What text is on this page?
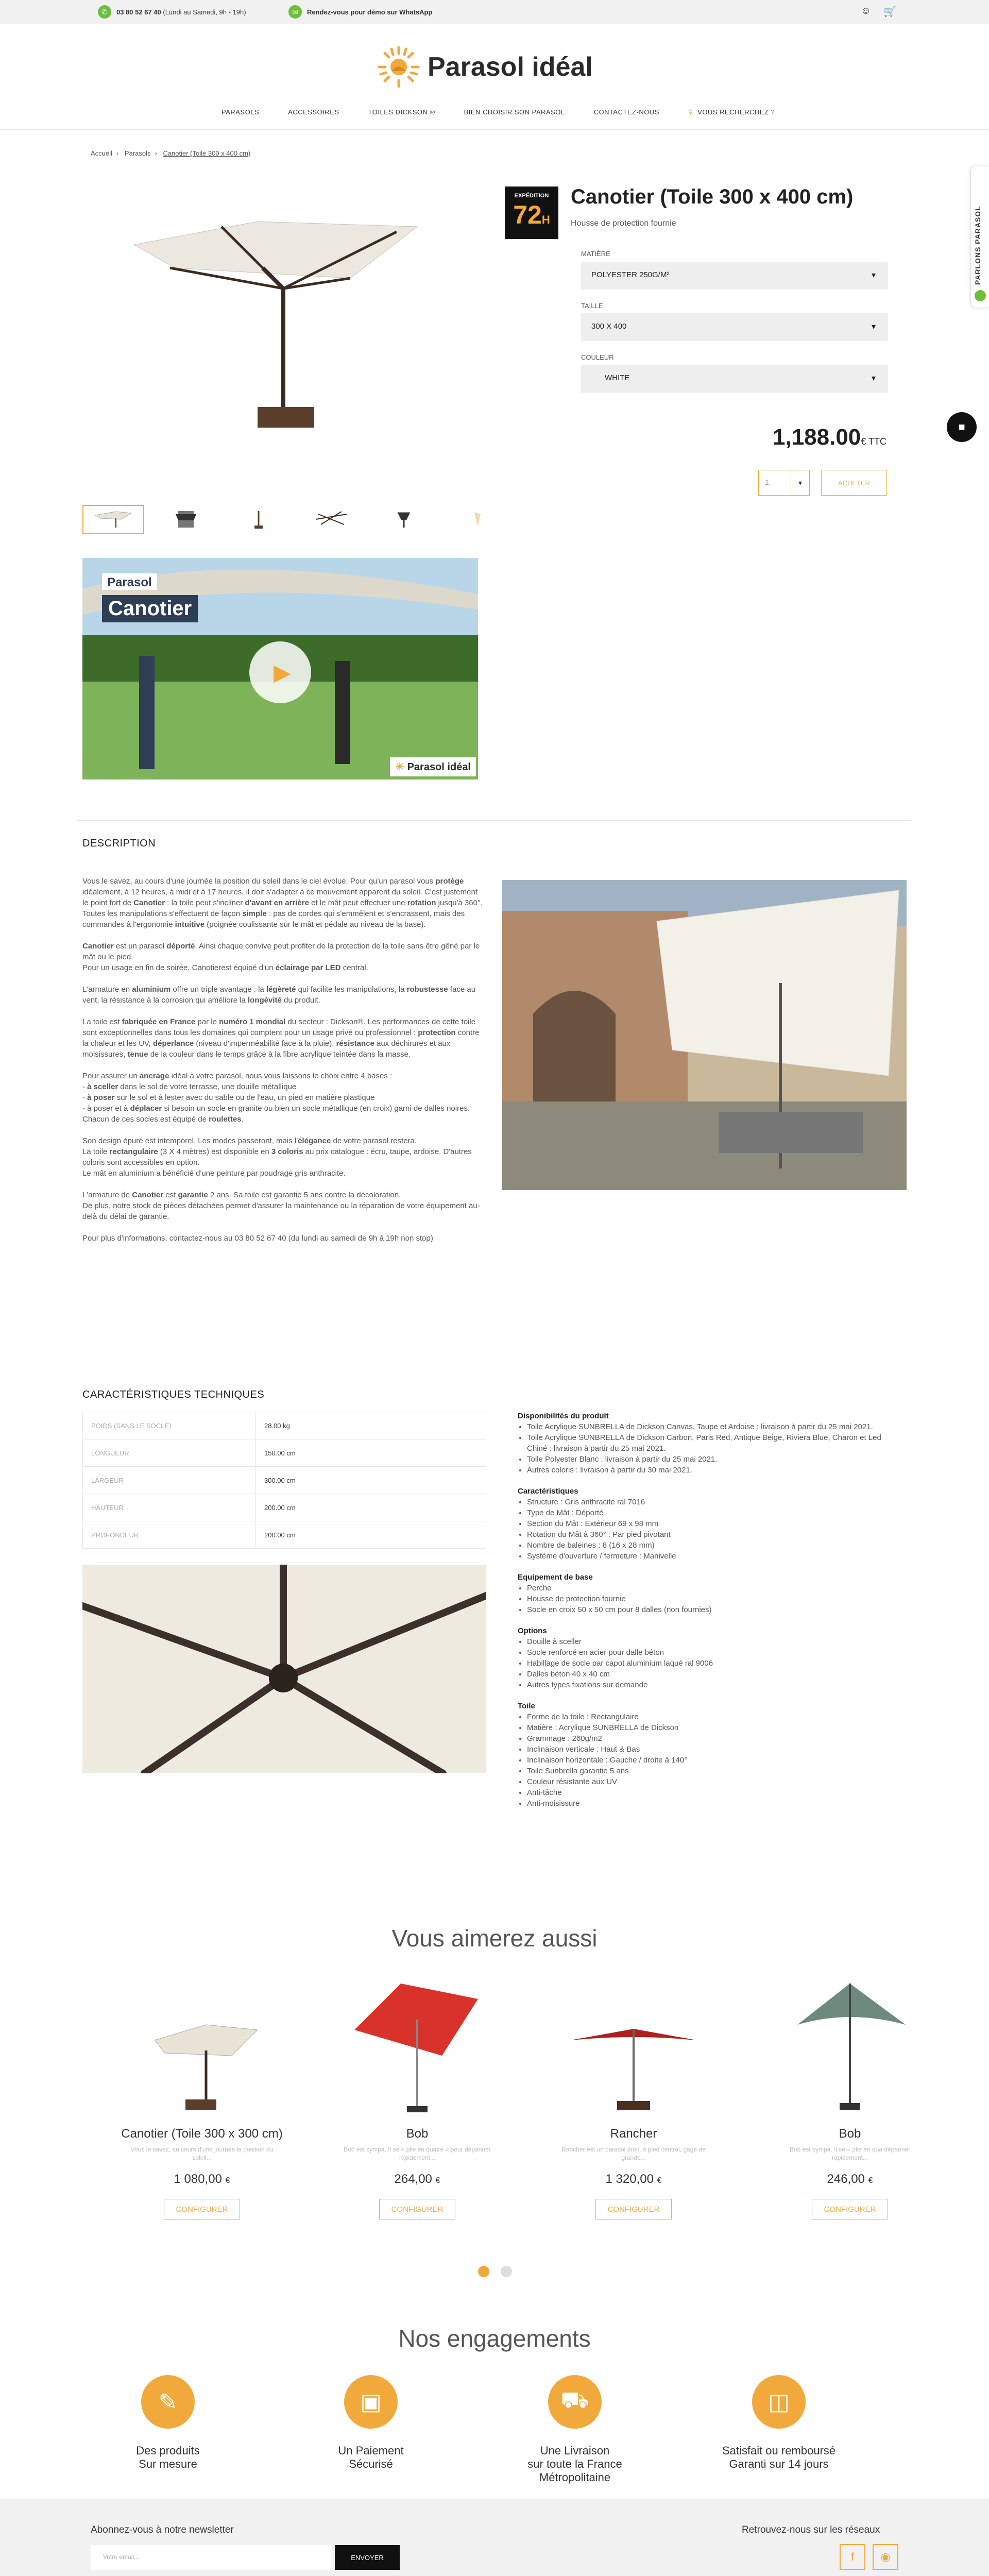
✆	03 80 52 67 40
(Lundi au Samedi, 9h - 19h)	✉	Rendez-vous pour démo sur WhatsApp	☺ 🛒
Parasol idéal
PARASOLS	ACCESSOIRES	TOILES DICKSON ®	BIEN CHOISIR SON PARASOL	CONTACTEZ-NOUS	⚲ VOUS RECHERCHEZ ?
Accueil › Parasols › Canotier (Toile 300 x 400 cm)
Parasol
Canotier
▶
☀ Parasol idéal
EXPÉDITION
72H
Canotier (Toile 300 x 400 cm)
Housse de protection fournie
MATIÈRE
POLYESTER 250G/M²	▾
TAILLE
300 X 400	▾
COULEUR
WHITE	▾
1,188.00€ TTC
1	▾	ACHETER
PARLONS PARASOL
■
DESCRIPTION

Vous le savez, au cours d'une journée la position du soleil dans le ciel évolue. Pour qu'un parasol vous protège idéalement, à 12 heures, à midi et à 17 heures, il doit s'adapter à ce mouvement apparent du soleil. C'est justement le point fort de Canotier : la toile peut s'incliner d'avant en arrière et le mât peut effectuer une rotation jusqu'à 360°.
Toutes les manipulations s'effectuent de façon simple : pas de cordes qui s'emmêlent et s'encrassent, mais des commandes à l'ergonomie intuitive (poignée coulissante sur le mât et pédale au niveau de la base).

Canotier est un parasol déporté. Ainsi chaque convive peut profiter de la protection de la toile sans être gêné par le mât ou le pied.
Pour un usage en fin de soirée, Canotierest équipé d'un éclairage par LED central.

L'armature en aluminium offre un triple avantage : la légèreté qui facilite les manipulations, la robustesse face au vent, la résistance à la corrosion qui améliore la longévité du produit.

La toile est fabriquée en France par le numéro 1 mondial du secteur : Dickson®. Les performances de cette toile sont exceptionnelles dans tous les domaines qui comptent pour un usage privé ou professionnel : protection contre la chaleur et les UV, déperlance (niveau d'imperméabilité face à la pluie), résistance aux déchirures et aux moisissures, tenue de la couleur dans le temps grâce à la fibre acrylique teintée dans la masse.

Pour assurer un ancrage idéal à votre parasol, nous vous laissons le choix entre 4 bases :
- à sceller dans le sol de votre terrasse, une douille métallique
- à poser sur le sol et à lester avec du sable ou de l'eau, un pied en matière plastique
- à poser et à déplacer si besoin un socle en granite ou bien un socle métallique (en croix) garni de dalles noires. Chacun de ces socles est équipé de roulettes.

Son design épuré est intemporel. Les modes passeront, mais l'élégance de votre parasol restera.
La toile rectangulaire (3 X 4 mètres) est disponible en 3 coloris au prix catalogue : écru, taupe, ardoise. D'autres coloris sont accessibles en option.
Le mât en aluminium a bénéficié d'une peinture par poudrage gris anthracite.

L'armature de Canotier est garantie 2 ans. Sa toile est garantie 5 ans contre la décoloration.
De plus, notre stock de pièces détachées permet d'assurer la maintenance ou la réparation de votre équipement au-delà du délai de garantie.

Pour plus d'informations, contactez-nous au 03 80 52 67 40 (du lundi au samedi de 9h à 19h non stop)

CARACTÉRISTIQUES TECHNIQUES
POIDS (SANS LE SOCLE)	28.00 kg
LONGUEUR	150.00 cm
LARGEUR	300.00 cm
HAUTEUR	200.00 cm
PROFONDEUR	200.00 cm
Disponibilités du produit
• Toile Acrylique SUNBRELLA de Dickson Canvas, Taupe et Ardoise : livraison à partir du 25 mai 2021.
• Toile Acrylique SUNBRELLA de Dickson Carbon, Paris Red, Antique Beige, Riviera Blue, Charon et Led Chiné : livraison à partir du 25 mai 2021.
• Toile Polyester Blanc : livraison à partir du 25 mai 2021.
• Autres coloris : livraison à partir du 30 mai 2021.
Caractéristiques
• Structure : Gris anthracite ral 7016
• Type de Mât : Déporté
• Section du Mât : Extérieur 69 x 98 mm
• Rotation du Mât à 360° : Par pied pivotant
• Nombre de baleines : 8 (16 x 28 mm)
• Système d'ouverture / fermeture : Manivelle
Equipement de base
• Perche
• Housse de protection fournie
• Socle en croix 50 x 50 cm pour 8 dalles (non fournies)
Options
• Douille à sceller
• Socle renforcé en acier pour dalle béton
• Habillage de socle par capot aluminium laqué ral 9006
• Dalles béton 40 x 40 cm
• Autres types fixations sur demande
Toile
• Forme de la toile : Rectangulaire
• Matière : Acrylique SUNBRELLA de Dickson
• Grammage : 260g/m2
• Inclinaison verticale : Haut & Bas
• Inclinaison horizontale : Gauche / droite à 140°
• Toile Sunbrella garantie 5 ans
• Couleur résistante aux UV
• Anti-tâche
• Anti-moisissure
Vous aimerez aussi
Canotier (Toile 300 x 300 cm)
Vous le savez, au cours d'une journée la position du soleil...
1 080,00 €
CONFIGURER
Bob
Bob est sympa. Il se « plie en quatre » pour dépanner rapidement...
264,00 €
CONFIGURER
Rancher
Rancher est un parasol droit, à pied central, gage de grande...
1 320,00 €
CONFIGURER
Bob
Bob est sympa. Il se « plie en qua dépanner rapidement...
246,00 €
CONFIGURER
Nos engagements
✎
Des produits
Sur mesure
▣
Un Paiement
Sécurisé
⛟
Une Livraison
sur toute la France Métropolitaine
◫
Satisfait ou remboursé
Garanti sur 14 jours
Abonnez-vous à notre newsletter
Votre email...	ENVOYER
Retrouvez-nous sur les réseaux
f	◉
